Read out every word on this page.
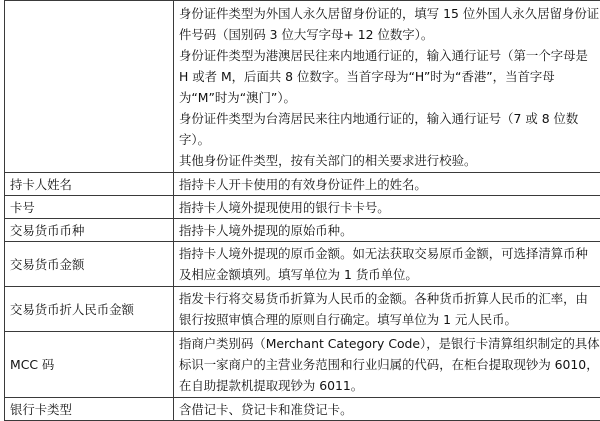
	身份证件类型为外国人永久居留身份证的，填写 15 位外国人永久居留身份证件号码（国别码 3 位大写字母+ 12 位数字）。
身份证件类型为港澳居民往来内地通行证的，输入通行证号（第一个字母是 H 或者 M，后面共 8 位数字。当首字母为“H”时为“香港”，当首字母为“M”时为“澳门”）。
身份证件类型为台湾居民来往内地通行证的，输入通行证号（7 或 8 位数字）。
其他身份证件类型，按有关部门的相关要求进行校验。

持卡人姓名	指持卡人开卡使用的有效身份证件上的姓名。

卡号	指持卡人境外提现使用的银行卡卡号。

交易货币币种	指持卡人境外提现的原始币种。

交易货币金额	指持卡人境外提现的原币金额。如无法获取交易原币金额，可选择清算币种及相应金额填列。填写单位为 1 货币单位。

交易货币折人民币金额	指发卡行将交易货币折算为人民币的金额。各种货币折算人民币的汇率，由银行按照审慎合理的原则自行确定。填写单位为 1 元人民币。

MCC 码	指商户类别码（Merchant Category Code），是银行卡清算组织制定的具体标识一家商户的主营业务范围和行业归属的代码，在柜台提取现钞为 6010，在自助提款机提取现钞为 6011。

银行卡类型	含借记卡、贷记卡和准贷记卡。
